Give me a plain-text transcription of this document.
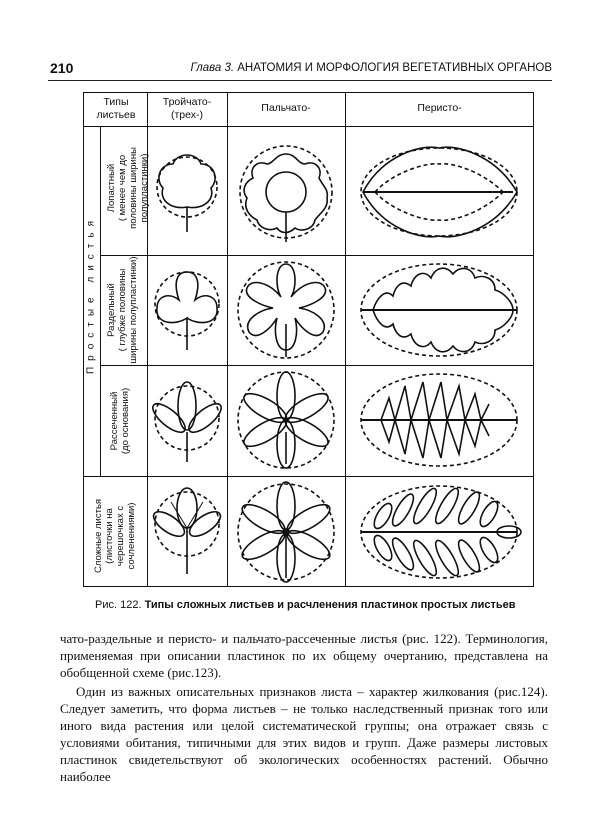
210	Глава 3. АНАТОМИЯ И МОРФОЛОГИЯ ВЕГЕТАТИВНЫХ ОРГАНОВ
Типы листьев
Тройчато- (трех-)
Пальчато-	Перисто-
Простые листья
Лопастный ( менее чем до половины ширины полупластинки)
Раздельный ( глубже половины ширины полупластинки)
Рассеченный (до основания)
Сложные листья (листочки на черешочках с сочленениями)
Рис. 122. Типы сложных листьев и расчленения пластинок простых листьев
чато-раздельные и перисто- и пальчато-рассеченные листья (рис. 122). Терминология, применяемая при описании пластинок по их общему очертанию, представлена на обобщенной схеме (рис.123).
Один из важных описательных признаков листа – характер жилкования (рис.124). Следует заметить, что форма листьев – не только наследственный признак того или иного вида растения или целой систематической группы; она отражает связь с условиями обитания, типичными для этих видов и групп. Даже размеры листовых пластинок свидетельствуют об экологических особенностях растений. Обычно наиболее
